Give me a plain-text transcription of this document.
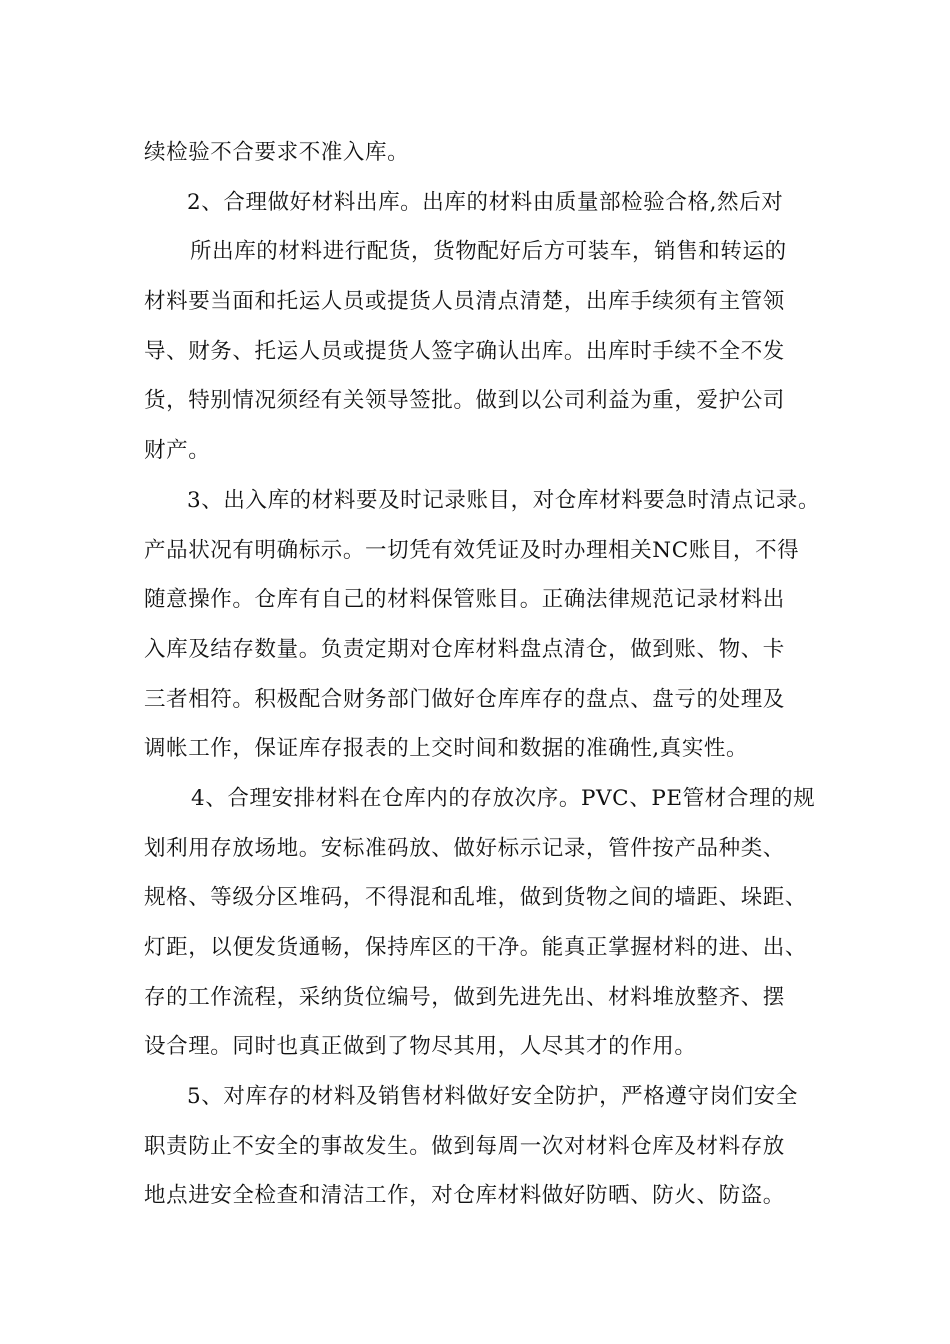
续检验不合要求不准入库。
2、合理做好材料出库。出库的材料由质量部检验合格,然后对
所出库的材料进行配货，货物配好后方可装车，销售和转运的
材料要当面和托运人员或提货人员清点清楚，出库手续须有主管领
导、财务、托运人员或提货人签字确认出库。出库时手续不全不发
货，特别情况须经有关领导签批。做到以公司利益为重，爱护公司
财产。
3、出入库的材料要及时记录账目，对仓库材料要急时清点记录。
产品状况有明确标示。一切凭有效凭证及时办理相关NC账目，不得
随意操作。仓库有自己的材料保管账目。正确法律规范记录材料出
入库及结存数量。负责定期对仓库材料盘点清仓，做到账、物、卡
三者相符。积极配合财务部门做好仓库库存的盘点、盘亏的处理及
调帐工作，保证库存报表的上交时间和数据的准确性,真实性。
4、合理安排材料在仓库内的存放次序。PVC、PE管材合理的规
划利用存放场地。安标准码放、做好标示记录，管件按产品种类、
规格、等级分区堆码，不得混和乱堆，做到货物之间的墙距、垛距、
灯距，以便发货通畅，保持库区的干净。能真正掌握材料的进、出、
存的工作流程，采纳货位编号，做到先进先出、材料堆放整齐、摆
设合理。同时也真正做到了物尽其用，人尽其才的作用。
5、对库存的材料及销售材料做好安全防护，严格遵守岗们安全
职责防止不安全的事故发生。做到每周一次对材料仓库及材料存放
地点进安全检查和清洁工作，对仓库材料做好防晒、防火、防盗。
